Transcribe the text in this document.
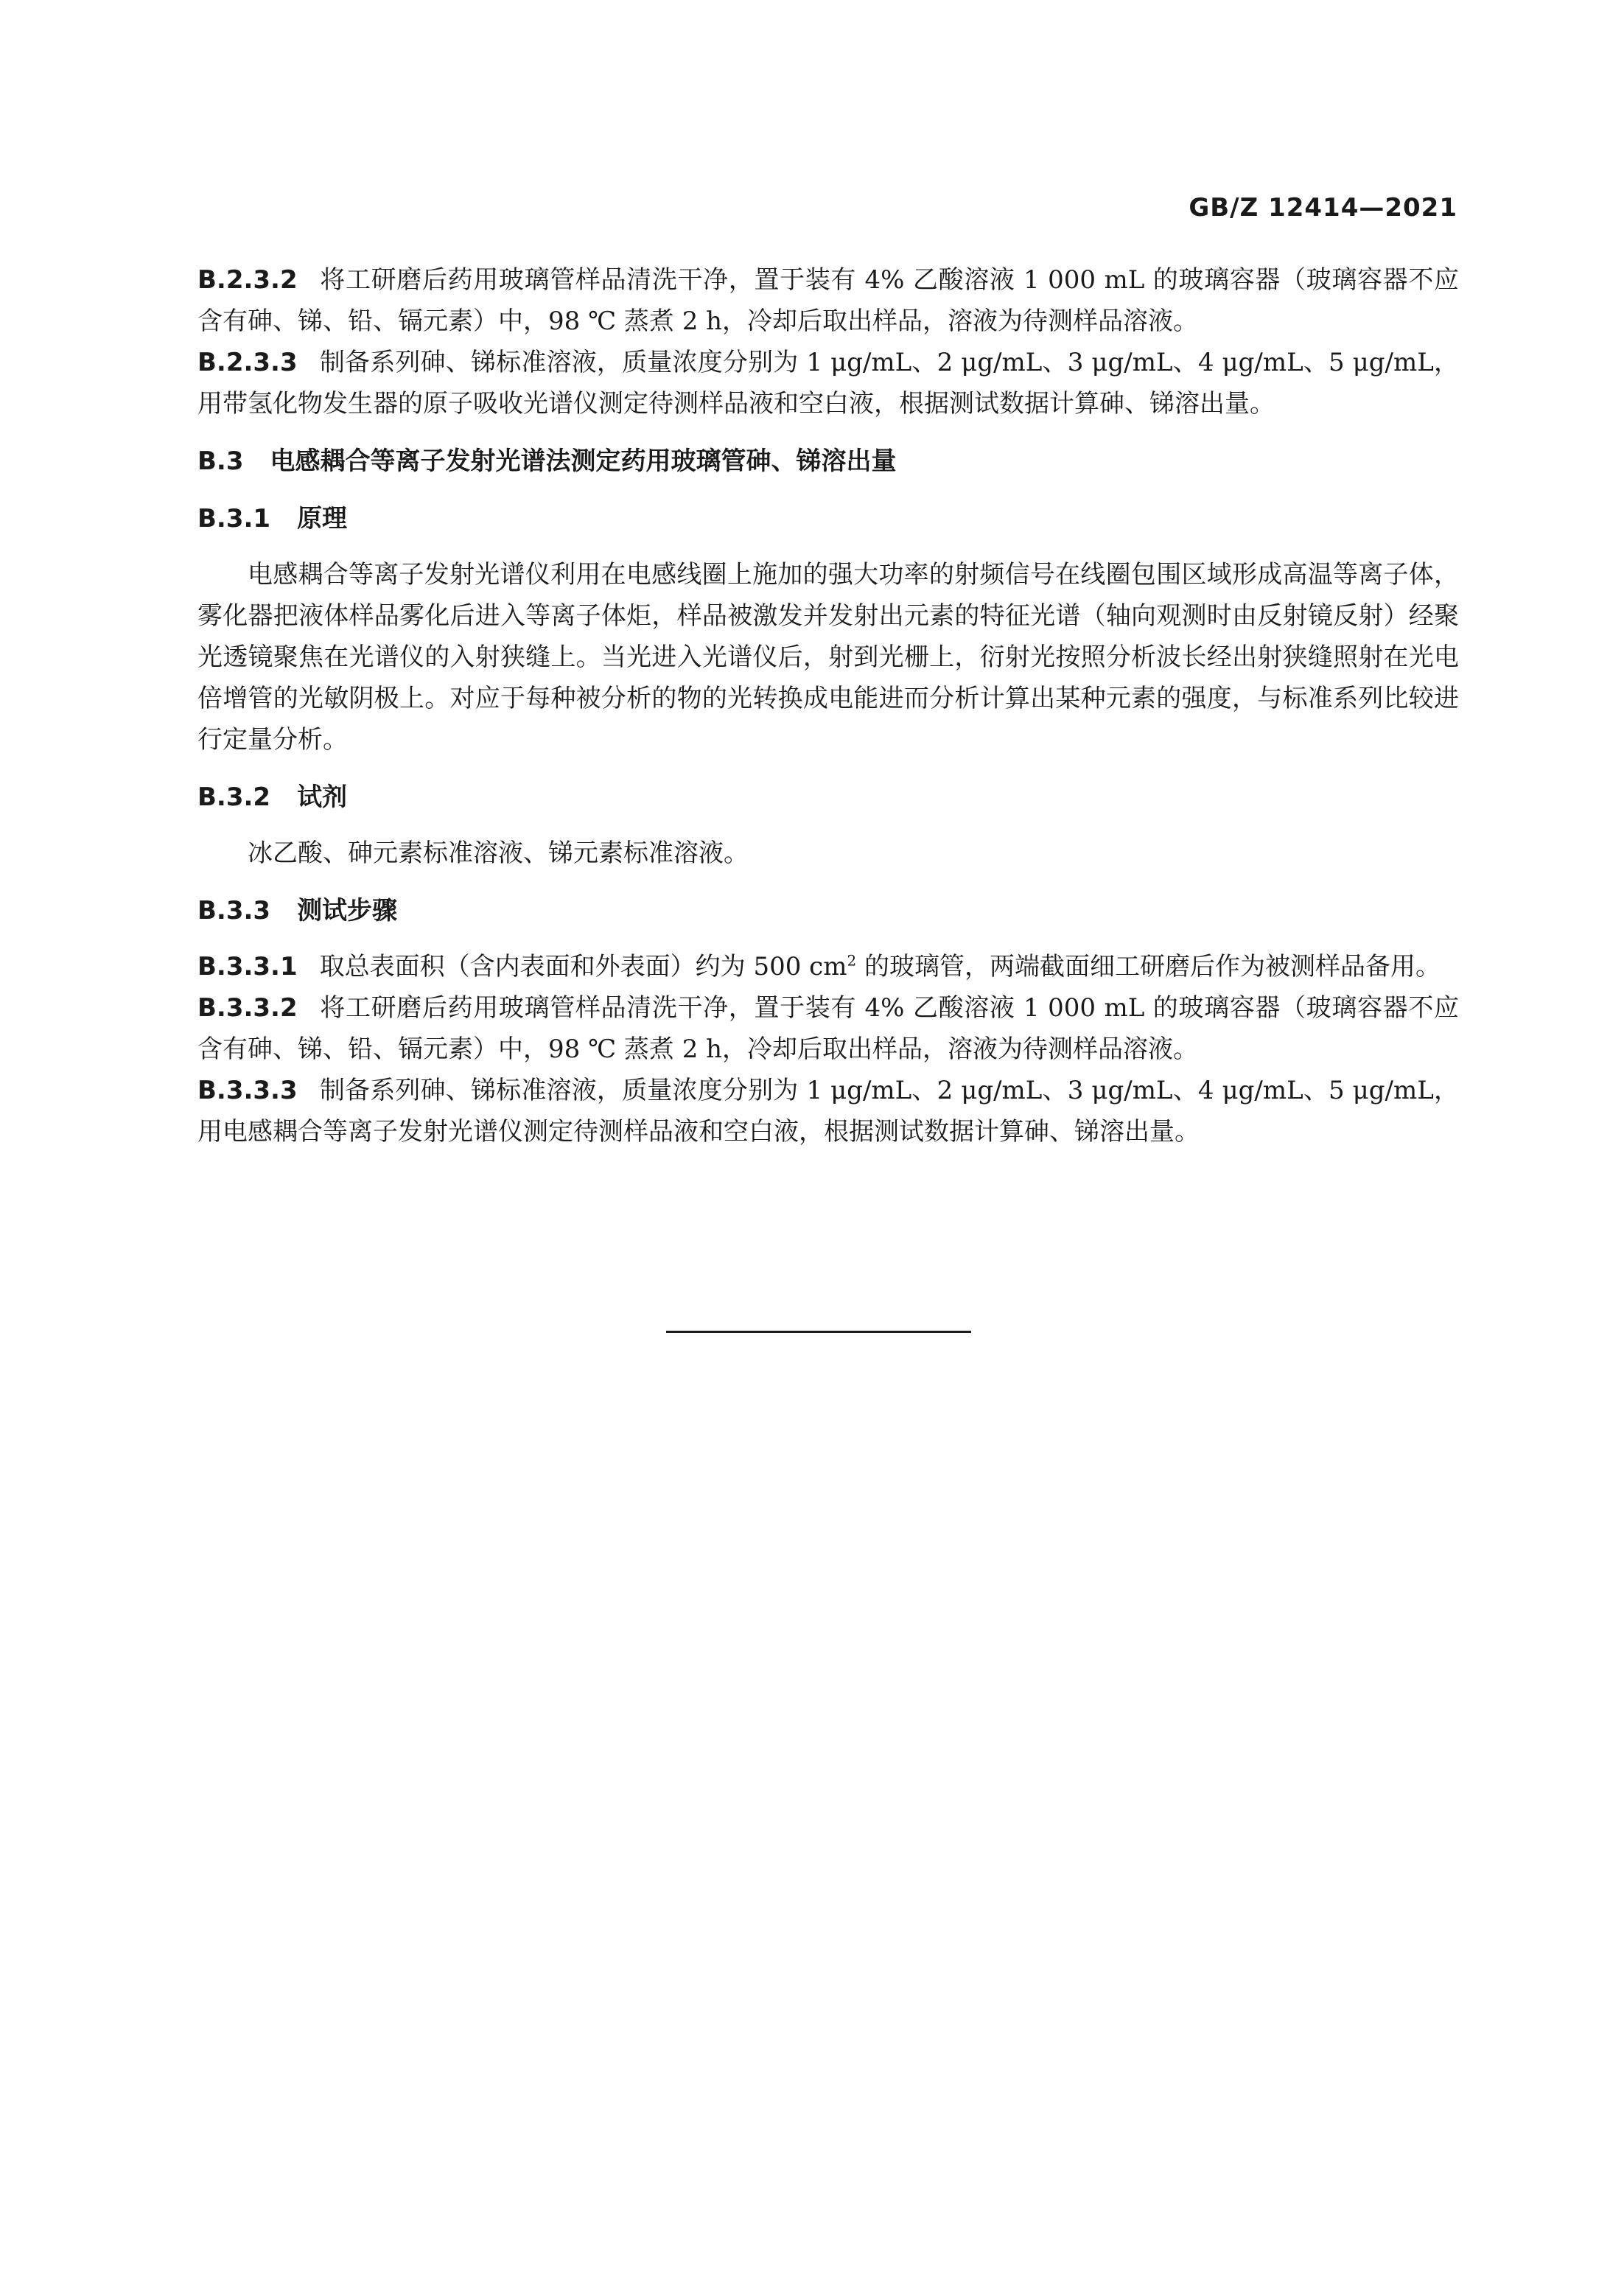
GB/Z 12414—2021

B.2.3.2 将工研磨后药用玻璃管样品清洗干净，置于装有 4% 乙酸溶液 1 000 mL 的玻璃容器（玻璃容器不应含有砷、锑、铅、镉元素）中，98 ℃ 蒸煮 2 h，冷却后取出样品，溶液为待测样品溶液。

B.2.3.3 制备系列砷、锑标准溶液，质量浓度分别为 1 μg/mL、2 μg/mL、3 μg/mL、4 μg/mL、5 μg/mL，用带氢化物发生器的原子吸收光谱仪测定待测样品液和空白液，根据测试数据计算砷、锑溶出量。

B.3 电感耦合等离子发射光谱法测定药用玻璃管砷、锑溶出量
B.3.1 原理

电感耦合等离子发射光谱仪利用在电感线圈上施加的强大功率的射频信号在线圈包围区域形成高温等离子体，雾化器把液体样品雾化后进入等离子体炬，样品被激发并发射出元素的特征光谱（轴向观测时由反射镜反射）经聚光透镜聚焦在光谱仪的入射狭缝上。当光进入光谱仪后，射到光栅上，衍射光按照分析波长经出射狭缝照射在光电倍增管的光敏阴极上。对应于每种被分析的物的光转换成电能进而分析计算出某种元素的强度，与标准系列比较进行定量分析。

B.3.2 试剂

冰乙酸、砷元素标准溶液、锑元素标准溶液。

B.3.3 测试步骤

B.3.3.1 取总表面积（含内表面和外表面）约为 500 $cm^2$ 的玻璃管，两端截面细工研磨后作为被测样品备用。

B.3.3.2 将工研磨后药用玻璃管样品清洗干净，置于装有 4% 乙酸溶液 1 000 mL 的玻璃容器（玻璃容器不应含有砷、锑、铅、镉元素）中，98 ℃ 蒸煮 2 h，冷却后取出样品，溶液为待测样品溶液。

B.3.3.3 制备系列砷、锑标准溶液，质量浓度分别为 1 μg/mL、2 μg/mL、3 μg/mL、4 μg/mL、5 μg/mL，用电感耦合等离子发射光谱仪测定待测样品液和空白液，根据测试数据计算砷、锑溶出量。
